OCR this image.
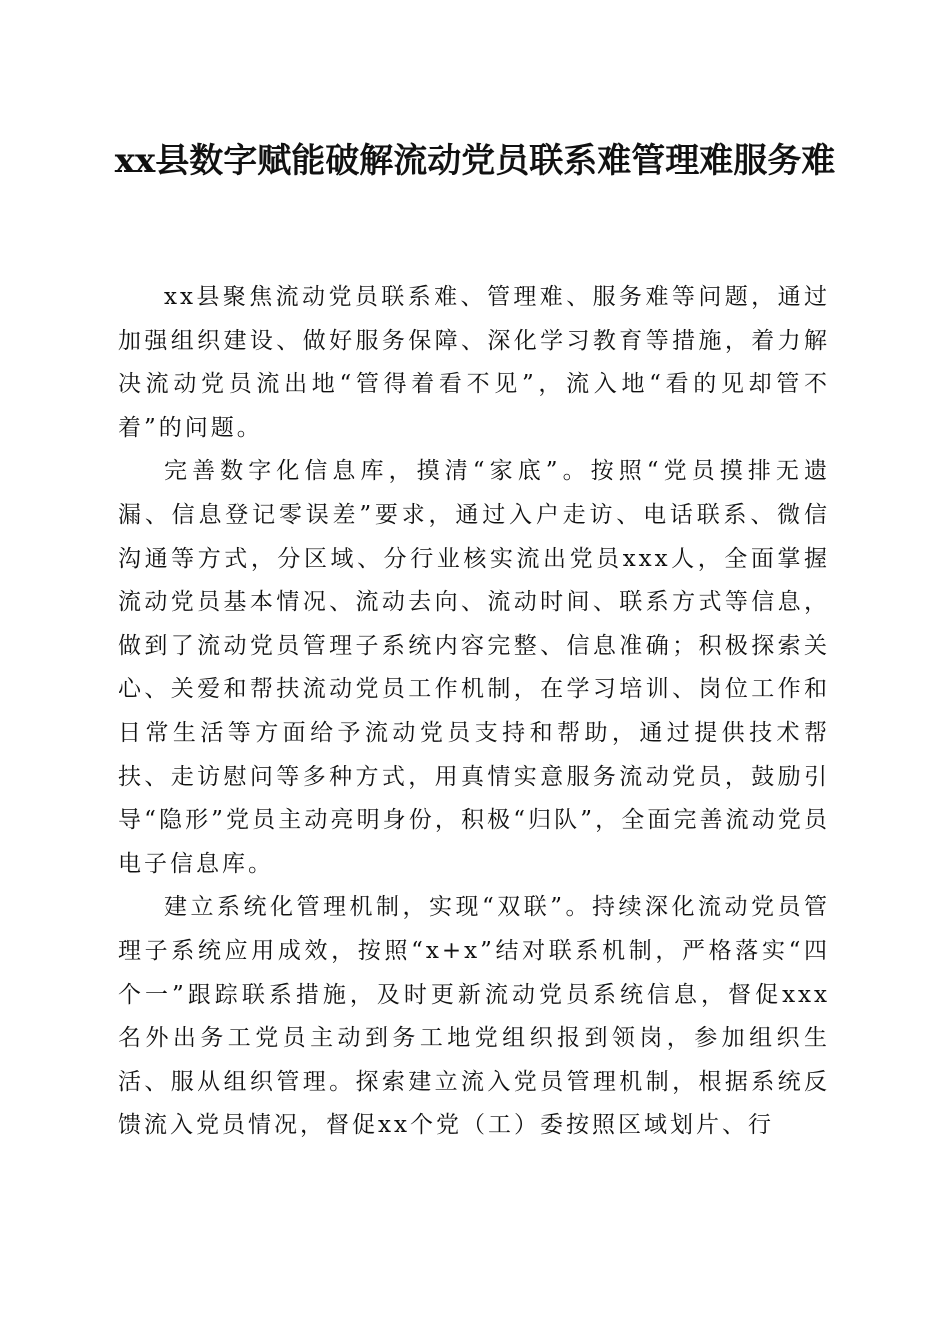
xx县数字赋能破解流动党员联系难管理难服务难

xx县聚焦流动党员联系难、管理难、服务难等问题，通过加强组织建设、做好服务保障、深化学习教育等措施，着力解决流动党员流出地“管得着看不见”，流入地“看的见却管不着”的问题。

完善数字化信息库，摸清“家底”。按照“党员摸排无遗漏、信息登记零误差”要求，通过入户走访、电话联系、微信沟通等方式，分区域、分行业核实流出党员xxx人，全面掌握流动党员基本情况、流动去向、流动时间、联系方式等信息，做到了流动党员管理子系统内容完整、信息准确；积极探索关心、关爱和帮扶流动党员工作机制，在学习培训、岗位工作和日常生活等方面给予流动党员支持和帮助，通过提供技术帮扶、走访慰问等多种方式，用真情实意服务流动党员，鼓励引导“隐形”党员主动亮明身份，积极“归队”，全面完善流动党员电子信息库。

建立系统化管理机制，实现“双联”。持续深化流动党员管理子系统应用成效，按照“x+x”结对联系机制，严格落实“四个一”跟踪联系措施，及时更新流动党员系统信息，督促xxx名外出务工党员主动到务工地党组织报到领岗，参加组织生活、服从组织管理。探索建立流入党员管理机制，根据系统反馈流入党员情况，督促xx个党（工）委按照区域划片、行
